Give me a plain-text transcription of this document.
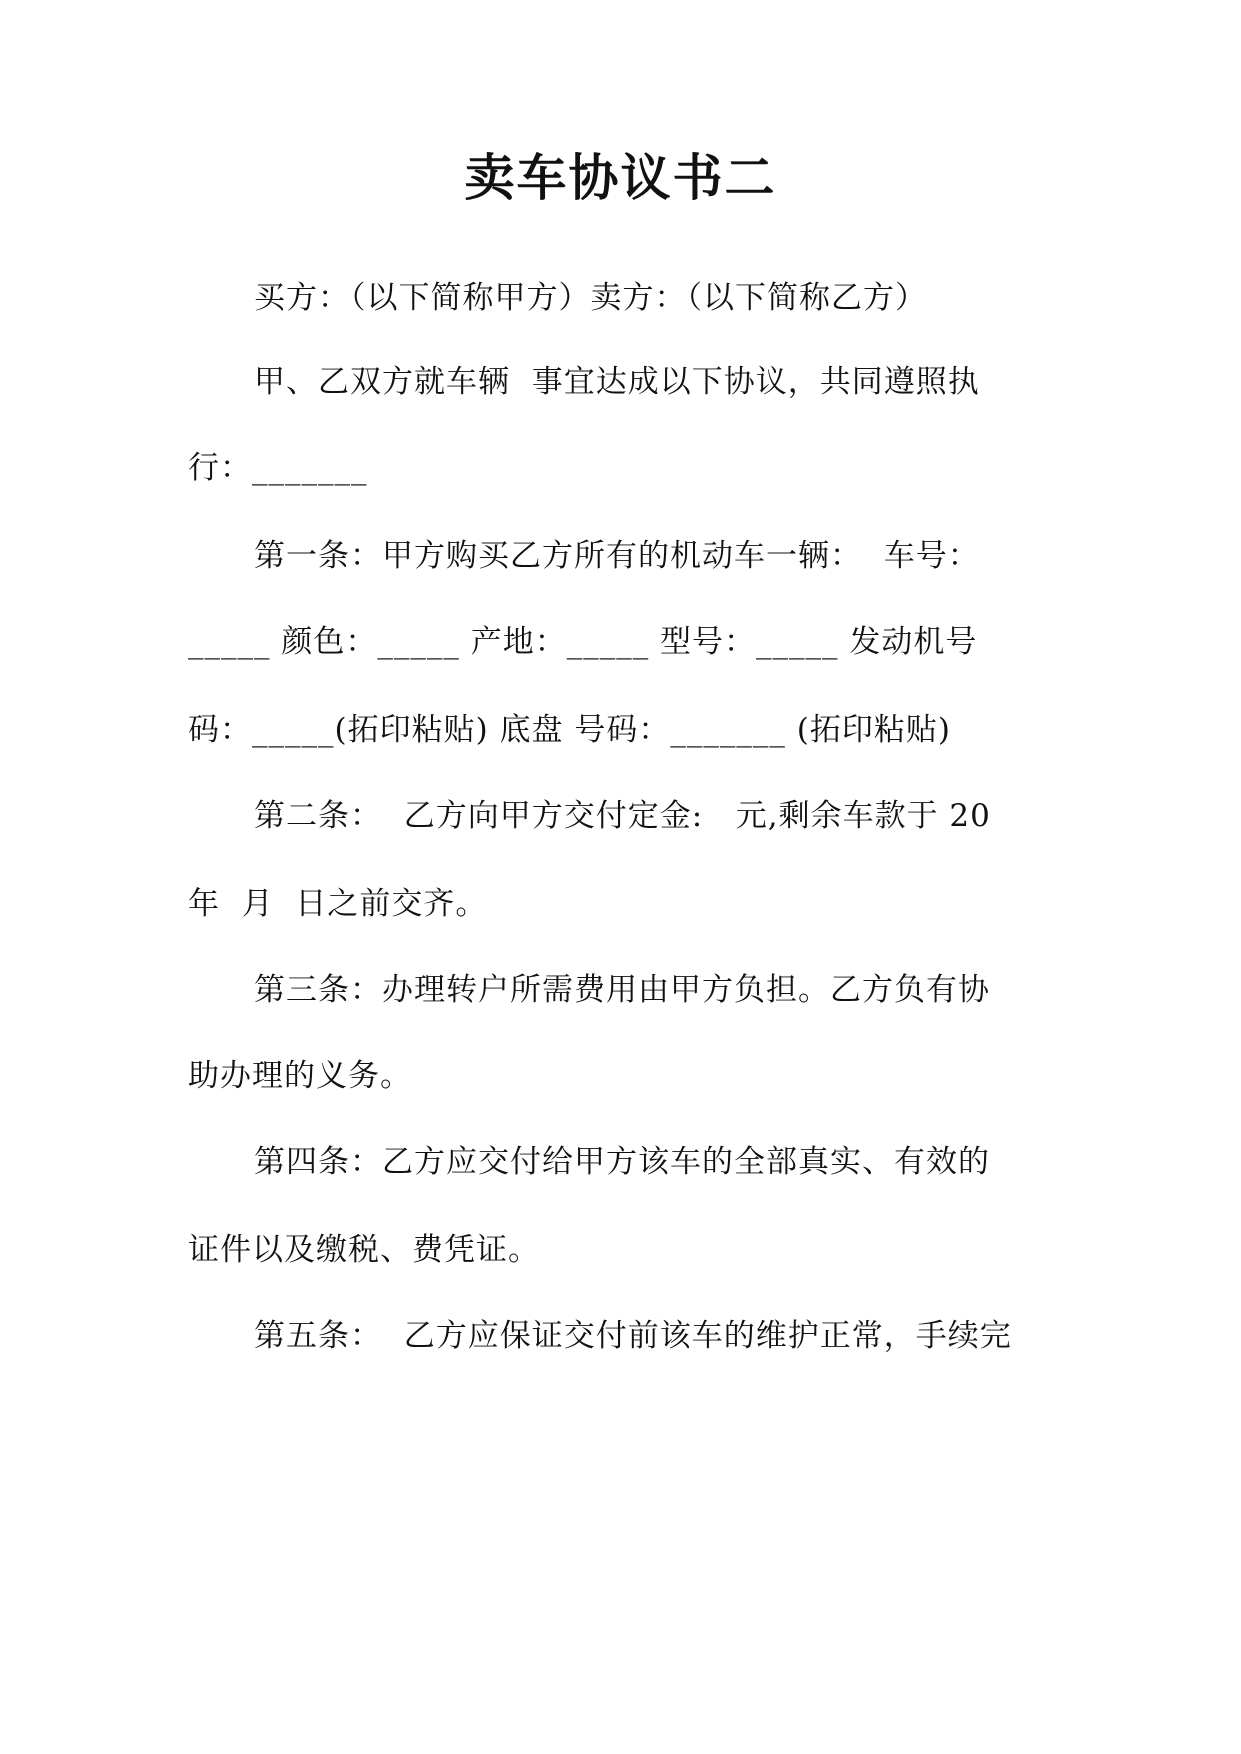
卖车协议书二
买方：（以下简称甲方）卖方：（以下简称乙方）
甲、乙双方就车辆  事宜达成以下协议，共同遵照执
行：_______
第一条：甲方购买乙方所有的机动车一辆：  车号：
_____ 颜色：_____ 产地：_____ 型号：_____ 发动机号
码：_____(拓印粘贴) 底盘 号码：_______ (拓印粘贴)
第二条：  乙方向甲方交付定金:   元,剩余车款于 20
年  月  日之前交齐。
第三条：办理转户所需费用由甲方负担。乙方负有协
助办理的义务。
第四条：乙方应交付给甲方该车的全部真实、有效的
证件以及缴税、费凭证。
第五条：  乙方应保证交付前该车的维护正常，手续完
